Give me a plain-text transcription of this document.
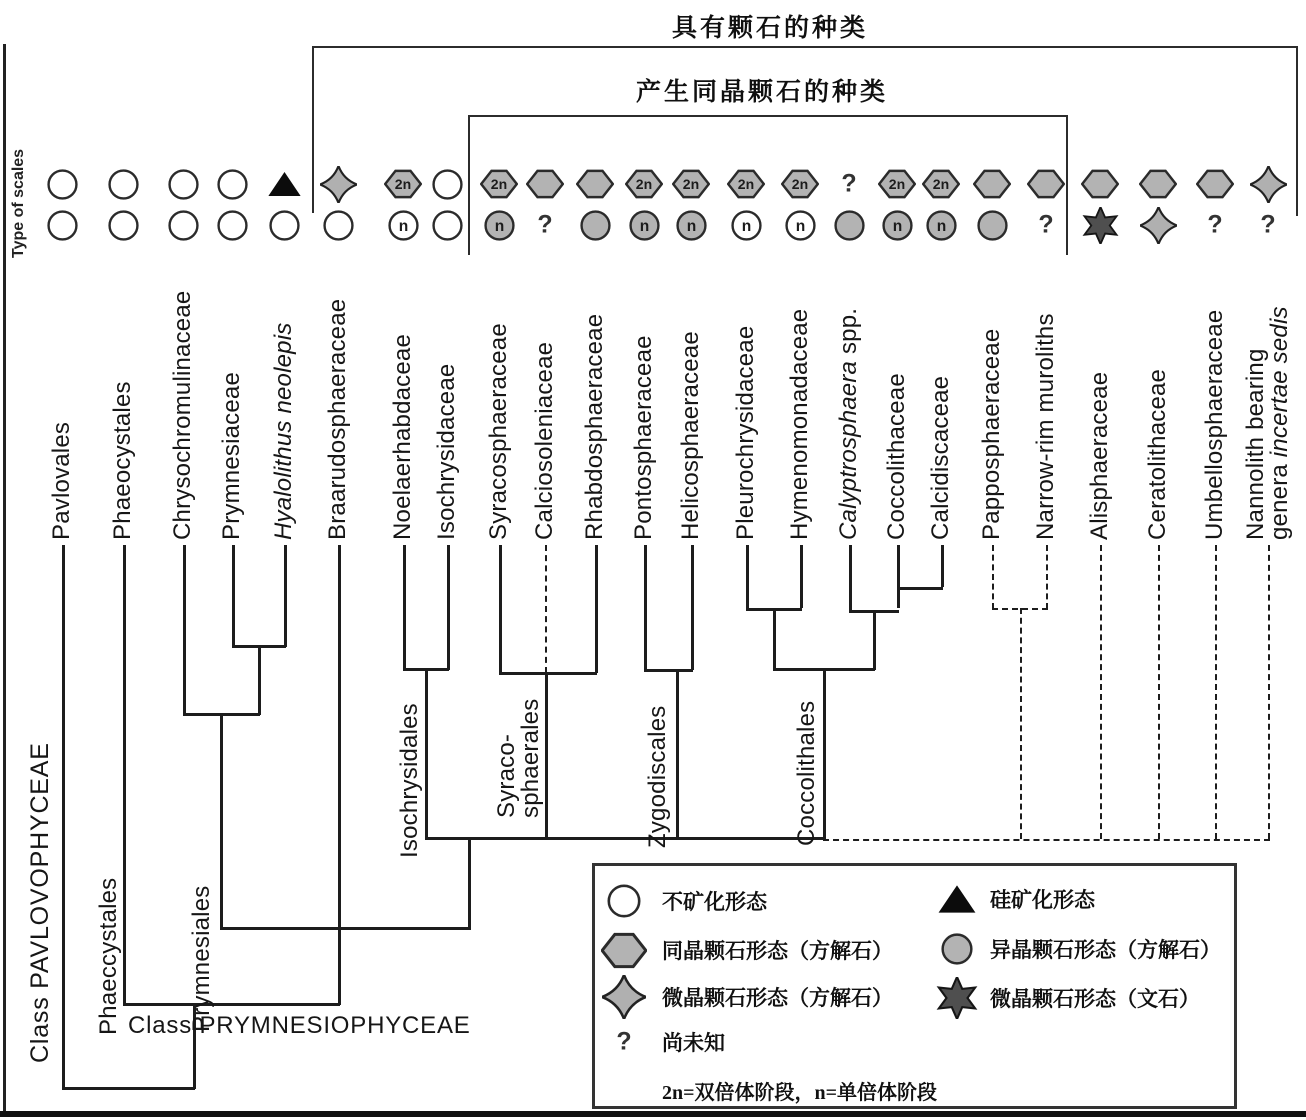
具有颗石的种类
产生同晶颗石的种类
Type of scales	2n
n
2n
n ?
2n
n
2n
n
2n
n
2n
n
? 2n
n
2n
n	?	? ?
Pavlovales Phaeocystales Chrysochromulinaceae Prymnesiaceae Hyalolithus neolepis Braarudosphaeraceae Noelaerhabdaceae Isochrysidaceae Syracosphaeraceae Calciosoleniaceae Rhabdosphaeraceae Pontosphaeraceae Helicosphaeraceae Pleurochrysidaceae Hymenomonadaceae Calyptrosphaera spp.
Coccolithaceae Calcidiscaceae Papposphaeraceae Narrow-rim muroliths Alisphaeraceae Ceratolithaceae Umbellosphaeraceae Nannolith bearing
genera incertae sedis
Isochrysidales	Syraco-
sphaerales	Zygodiscales	Coccolithales
Prymnesiales
Phaeccystales
Class PAVLOVOPHYCEAE	Class PRYMNESIOPHYCEAE
不矿化形态
同晶颗石形态（方解石）
微晶颗石形态（方解石）
? 尚未知
硅矿化形态
异晶颗石形态（方解石）
微晶颗石形态（文石）
2n=双倍体阶段，n=单倍体阶段
